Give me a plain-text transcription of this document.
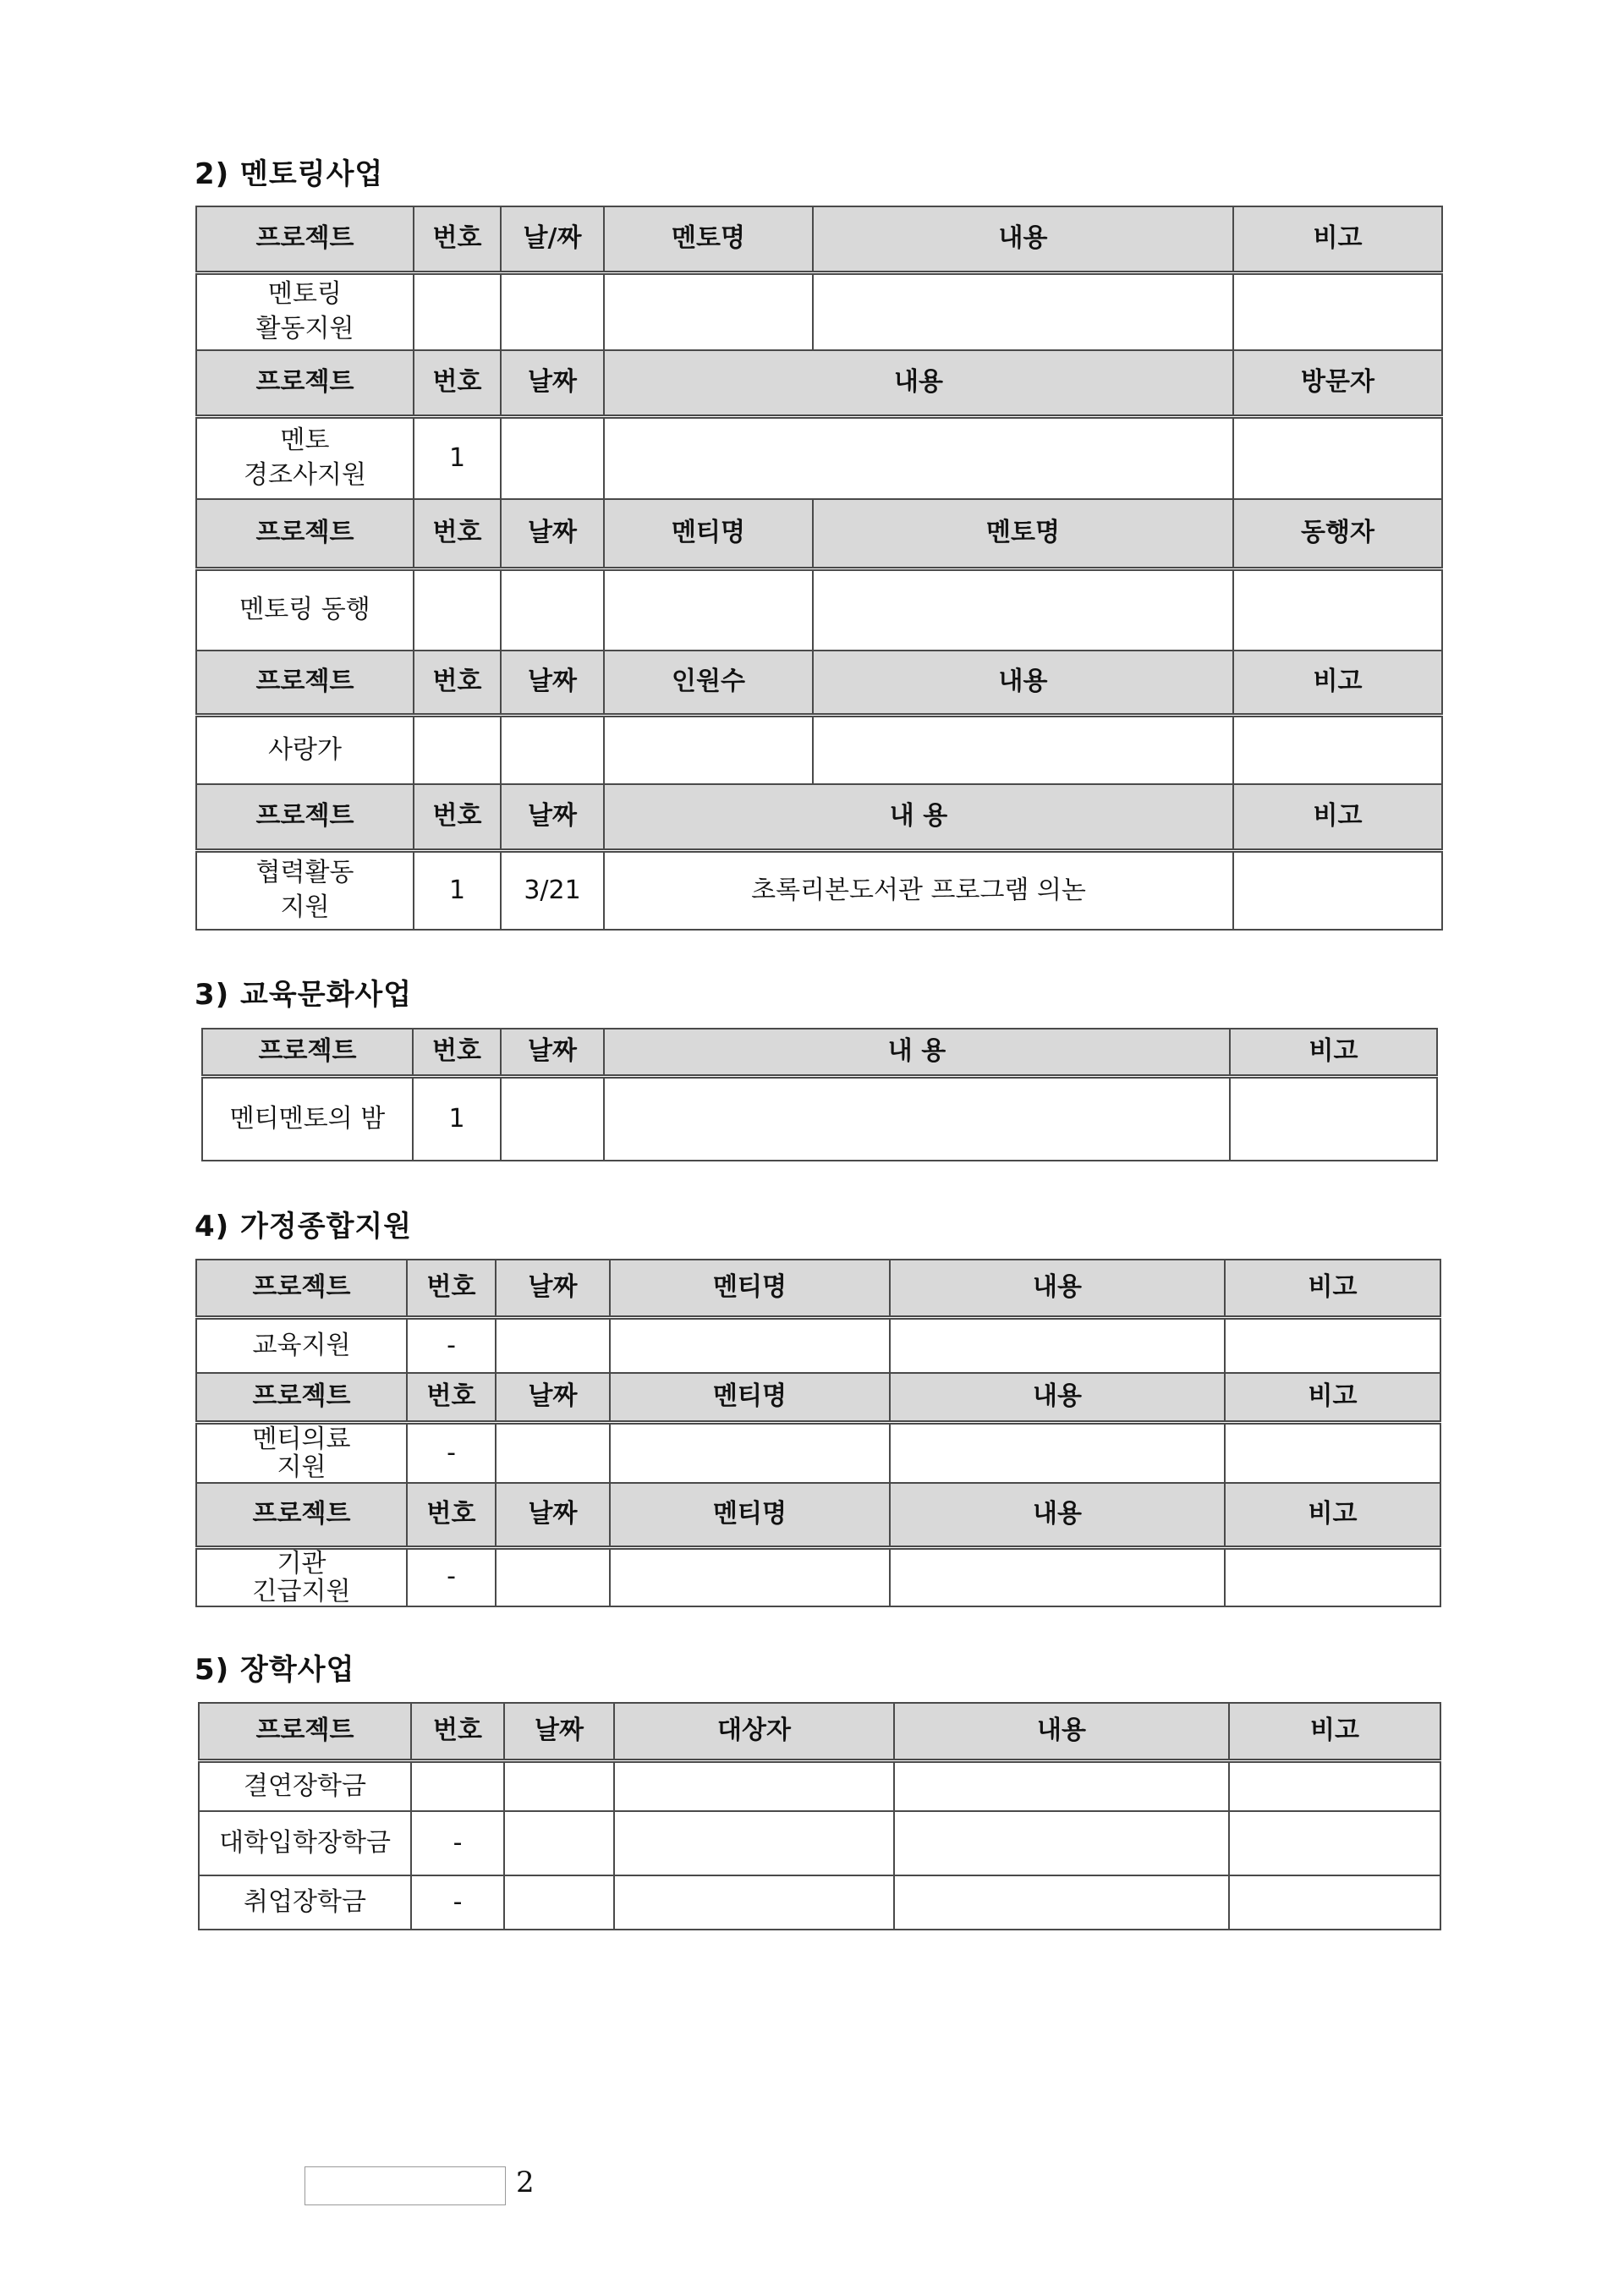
2) 멘토링사업
프로젝트	번호	날/짜	멘토명	내용	비고
멘토링
활동지원					
프로젝트	번호	날짜	내용		방문자
멘토
경조사지원	1				
프로젝트	번호	날짜	멘티명	멘토명	동행자
멘토링 동행					
프로젝트	번호	날짜	인원수	내용	비고
사랑가					
프로젝트	번호	날짜	내 용		비고
협력활동
지원	1	3/21	초록리본도서관 프로그램 의논		
3) 교육문화사업
프로젝트	번호	날짜	내 용	비고
멘티멘토의 밤	1			
4) 가정종합지원
프로젝트	번호	날짜	멘티명	내용	비고
교육지원	-				
프로젝트	번호	날짜	멘티명	내용	비고
멘티의료
지원	-				
프로젝트	번호	날짜	멘티명	내용	비고
기관
긴급지원	-				
5) 장학사업
프로젝트	번호	날짜	대상자	내용	비고
결연장학금					
대학입학장학금	-				
취업장학금	-				
2
